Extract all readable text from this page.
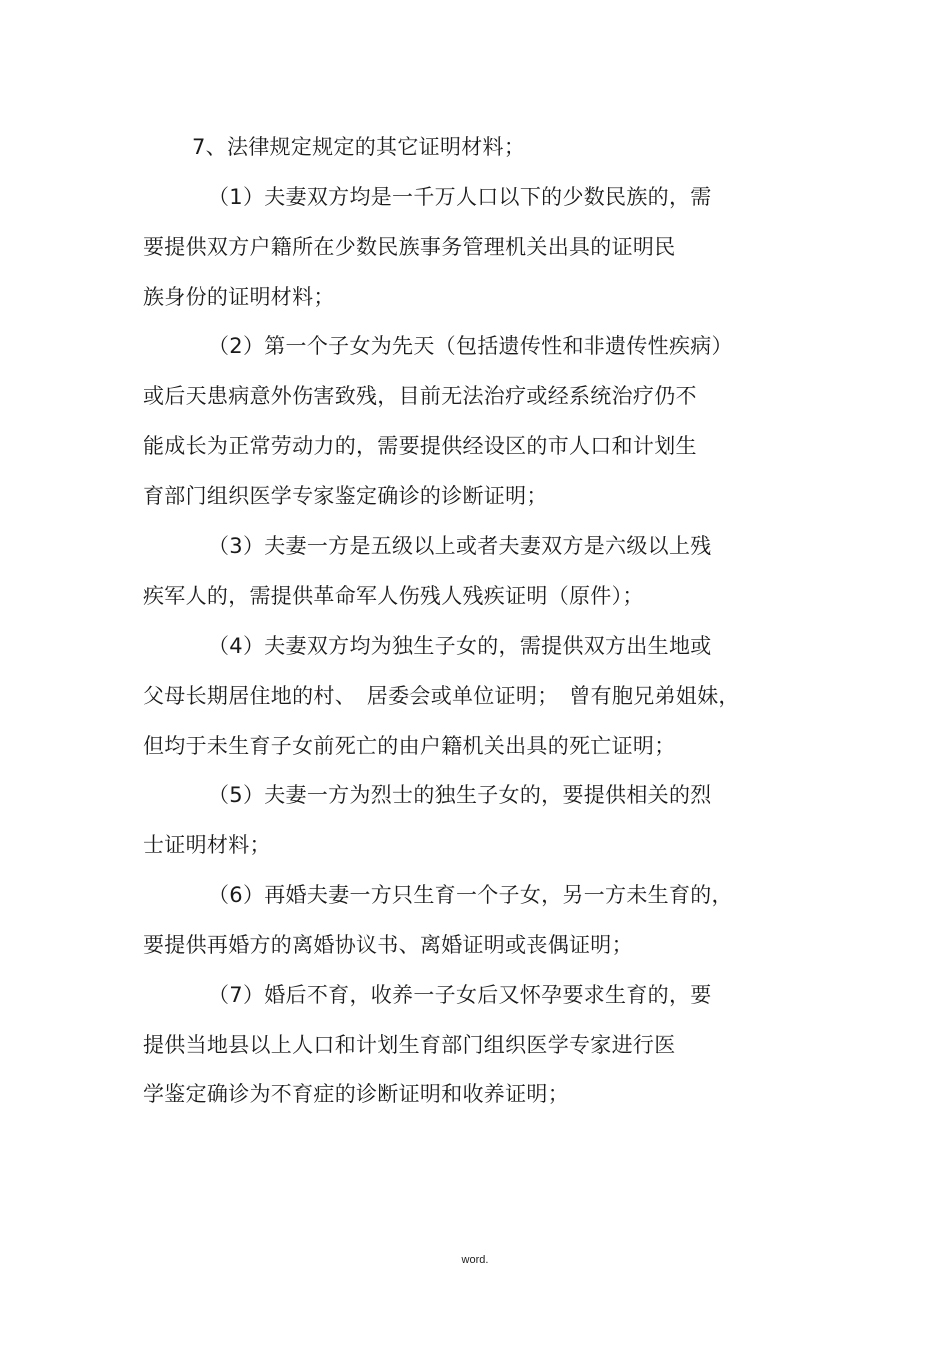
7、法律规定规定的其它证明材料；
（1）夫妻双方均是一千万人口以下的少数民族的，需
要提供双方户籍所在少数民族事务管理机关出具的证明民
族身份的证明材料；
（2）第一个子女为先天（包括遗传性和非遗传性疾病）
或后天患病意外伤害致残，目前无法治疗或经系统治疗仍不
能成长为正常劳动力的，需要提供经设区的市人口和计划生
育部门组织医学专家鉴定确诊的诊断证明；
（3）夫妻一方是五级以上或者夫妻双方是六级以上残
疾军人的，需提供革命军人伤残人残疾证明（原件）；
（4）夫妻双方均为独生子女的，需提供双方出生地或
父母长期居住地的村、　居委会或单位证明；　曾有胞兄弟姐妹，
但均于未生育子女前死亡的由户籍机关出具的死亡证明；
（5）夫妻一方为烈士的独生子女的，要提供相关的烈
士证明材料；
（6）再婚夫妻一方只生育一个子女，另一方未生育的，
要提供再婚方的离婚协议书、离婚证明或丧偶证明；
（7）婚后不育，收养一子女后又怀孕要求生育的，要
提供当地县以上人口和计划生育部门组织医学专家进行医
学鉴定确诊为不育症的诊断证明和收养证明；
word.
